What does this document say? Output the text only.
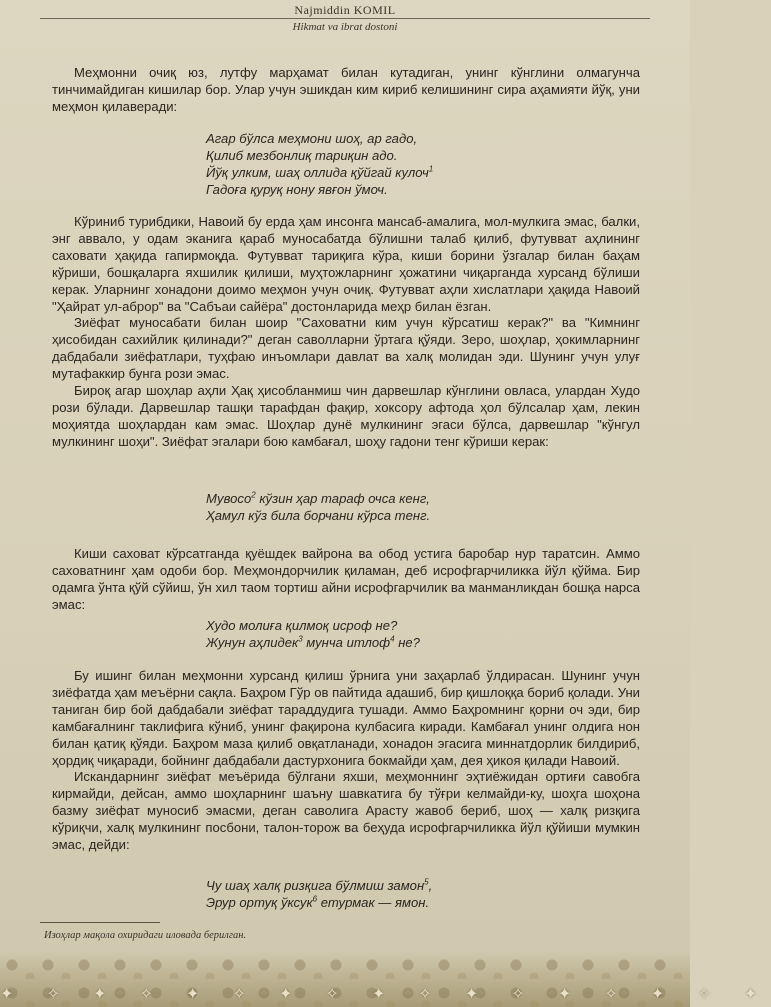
Najmiddin KOMIL
Hikmat va ibrat dostoni

Меҳмонни очиқ юз, лутфу марҳамат билан кутадиган, унинг кўнглини олмагунча тинчимайдиган кишилар бор. Улар учун эшикдан ким кириб келишининг сира аҳамияти йўқ, уни меҳмон қилаверади:

Агар бўлса меҳмони шоҳ, ар гадо,
Қилиб мезбонлиқ тариқин адо.
Йўқ улким, шаҳ оллида қўйгай кулоч$^1$
Гадоға қуруқ нону явғон ўмоч.

Кўриниб турибдики, Навоий бу ерда ҳам инсонга мансаб-амалига, мол-мулкига эмас, балки, энг аввало, у одам эканига қараб муносабатда бўлишни талаб қилиб, футувват аҳлининг саховати ҳақида гапирмоқда. Футувват тариқига кўра, киши борини ўзгалар билан баҳам кўриши, бошқаларга яхшилик қилиши, муҳтожларнинг ҳожатини чиқарганда хурсанд бўлиши керак. Уларнинг хонадони доимо меҳмон учун очиқ. Футувват аҳли хислатлари ҳақида Навоий "Ҳайрат ул-аброр" ва "Сабъаи сайёра" достонларида меҳр билан ёзган.

Зиёфат муносабати билан шоир "Саховатни ким учун кўрсатиш керак?" ва "Кимнинг ҳисобидан сахийлик қилинади?" деган саволларни ўртага қўяди. Зеро, шоҳлар, ҳокимларнинг дабдабали зиёфатлари, туҳфаю инъомлари давлат ва халқ молидан эди. Шунинг учун улуғ мутафаккир бунга рози эмас.

Бироқ агар шоҳлар аҳли Ҳақ ҳисобланмиш чин дарвешлар кўнглини овласа, улардан Худо рози бўлади. Дарвешлар ташқи тарафдан фақир, хоксору афтода ҳол бўлсалар ҳам, лекин моҳиятда шоҳлардан кам эмас. Шоҳлар дунё мулкининг эгаси бўлса, дарвешлар "кўнгул мулкининг шоҳи". Зиёфат эгалари бою камбағал, шоҳу гадони тенг кўриши керак:

Мувосо$^2$ кўзин ҳар тараф очса кенг,
Ҳамул кўз била борчани кўрса тенг.

Киши саховат кўрсатганда қуёшдек вайрона ва обод устига баробар нур таратсин. Аммо саховатнинг ҳам одоби бор. Меҳмондорчилик қиламан, деб исрофгарчиликка йўл қўйма. Бир одамга ўнта қўй сўйиш, ўн хил таом тортиш айни исрофгарчилик ва манманликдан бошқа нарса эмас:

Худо молиға қилмоқ исроф не?
Жунун аҳлидек$^3$ мунча итлоф$^4$ не?

Бу ишинг билан меҳмонни хурсанд қилиш ўрнига уни заҳарлаб ўлдирасан. Шунинг учун зиёфатда ҳам меъёрни сақла. Баҳром Гўр ов пайтида адашиб, бир қишлоққа бориб қолади. Уни таниган бир бой дабдабали зиёфат тараддудига тушади. Аммо Баҳромнинг қорни оч эди, бир камбағалнинг таклифига кўниб, унинг фақирона кулбасига киради. Камбағал унинг олдига нон билан қатиқ қўяди. Баҳром маза қилиб овқатланади, хонадон эгасига миннатдорлик билдириб, ҳордиқ чиқаради, бойнинг дабдабали дастурхонига бокмайди ҳам, дея ҳикоя қилади Навоий.

Искандарнинг зиёфат меъёрида бўлгани яхши, меҳмоннинг эҳтиёжидан ортиғи савобга кирмайди, дейсан, аммо шоҳларнинг шаъну шавкатига бу тўғри келмайди-ку, шоҳга шоҳона базму зиёфат муносиб эмасми, деган саволига Арасту жавоб бериб, шоҳ — халқ ризқига кўриқчи, халқ мулкининг посбони, талон-торож ва беҳуда исрофгарчиликка йўл қўйиши мумкин эмас, дейди:

Чу шаҳ халқ ризқига бўлмиш замон$^5$,
Эрур ортуқ ўксук$^6$ етурмак — ямон.
Изоҳлар мақола охиридаги иловада берилган.
✦ ✧ ✦ ✧ ✦ ✧ ✦ ✧ ✦ ✧ ✦ ✧ ✦ ✧ ✦ ✧ ✦
